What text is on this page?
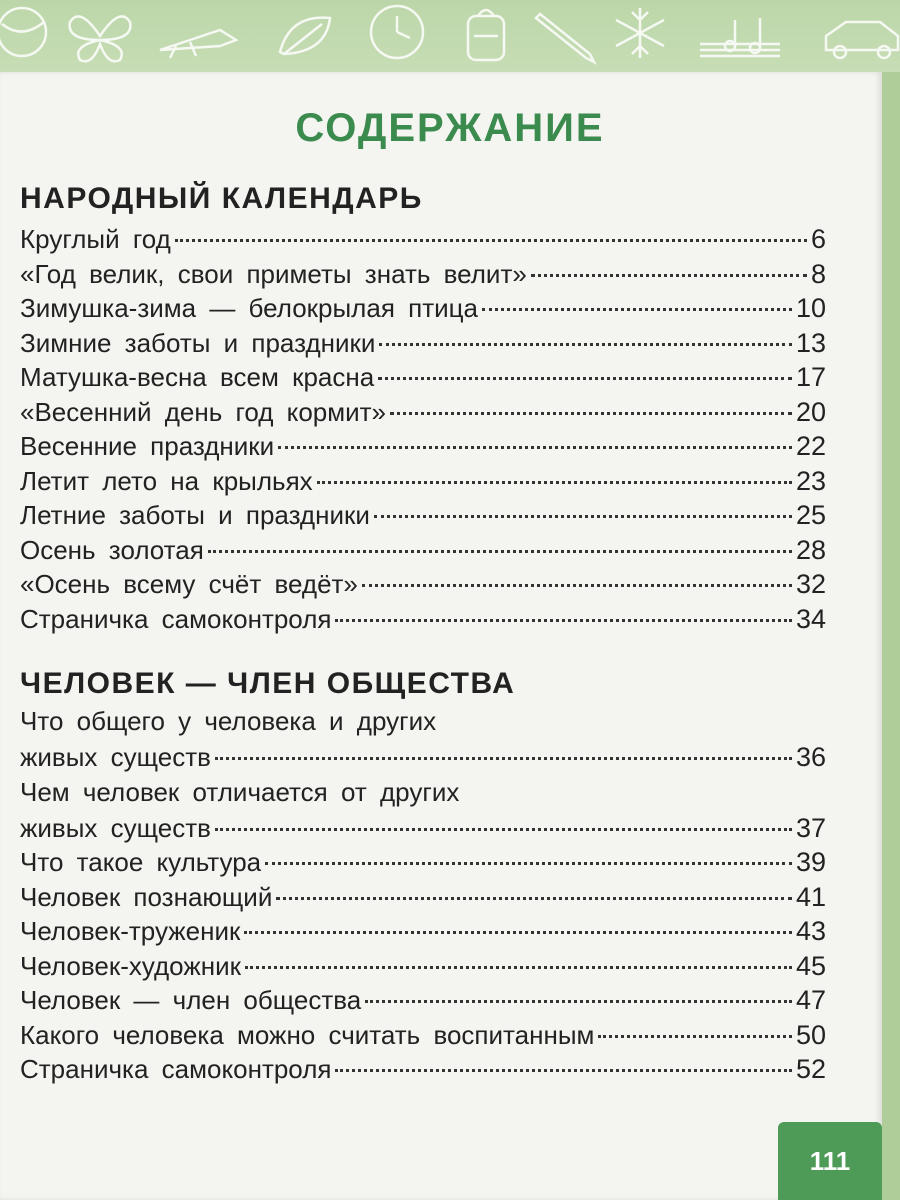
СОДЕРЖАНИЕ
НАРОДНЫЙ КАЛЕНДАРЬ
Круглый год	6
«Год велик, свои приметы знать велит»	8
Зимушка-зима — белокрылая птица	10
Зимние заботы и праздники	13
Матушка-весна всем красна	17
«Весенний день год кормит»	20
Весенние праздники	22
Летит лето на крыльях	23
Летние заботы и праздники	25
Осень золотая	28
«Осень всему счёт ведёт»	32
Страничка самоконтроля	34
ЧЕЛОВЕК — ЧЛЕН ОБЩЕСТВА
Что общего у человека и других
живых существ	36
Чем человек отличается от других
живых существ	37
Что такое культура	39
Человек познающий	41
Человек-труженик	43
Человек-художник	45
Человек — член общества	47
Какого человека можно считать воспитанным	50
Страничка самоконтроля	52
111
